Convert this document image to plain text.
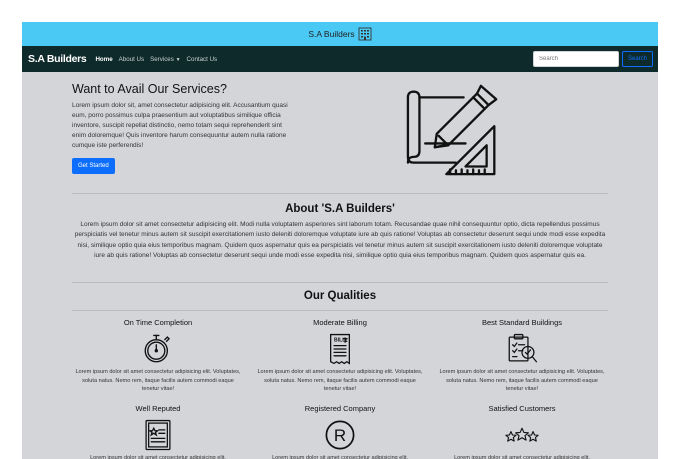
S.A Builders
S.A Builders Home About Us Services ▼ Contact Us
Search	Search
Want to Avail Our Services?

Lorem ipsum dolor sit, amet consectetur adipisicing elit. Accusantium quasi eum, porro possimus culpa praesentium aut voluptatibus similique officia inventore, suscipit repellat distinctio, nemo totam sequi reprehenderit sint enim doloremque! Quis inventore harum consequuntur autem nulla ratione cumque iste perferendis!

Get Started
About 'S.A Builders'

Lorem ipsum dolor sit amet consectetur adipisicing elit. Modi nulla voluptatem asperiores sint laborum totam. Recusandae quae nihil consequuntur optio, dicta repellendus possimus perspiciatis vel tenetur minus autem sit suscipit exercitationem iusto deleniti doloremque voluptate iure ab quis ratione! Voluptas ab consectetur deserunt sequi unde modi esse expedita nisi, similique optio quia eius temporibus magnam. Quidem quos aspernatur quis ea perspiciatis vel tenetur minus autem sit suscipit exercitationem iusto deleniti doloremque voluptate iure ab quis ratione! Voluptas ab consectetur deserunt sequi unde modi esse expedita nisi, similique optio quia eius temporibus magnam. Quidem quos aspernatur quis ea.

Our Qualities
On Time Completion
Lorem ipsum dolor sit amet consectetur adipisicing elit. Voluptates, soluta natus. Nemo rem, itaque facilis autem commodi eaque tenetur vitae!
Moderate Billing
BILL
Lorem ipsum dolor sit amet consectetur adipisicing elit. Voluptates, soluta natus. Nemo rem, itaque facilis autem commodi eaque tenetur vitae!
Best Standard Buildings
Lorem ipsum dolor sit amet consectetur adipisicing elit. Voluptates, soluta natus. Nemo rem, itaque facilis autem commodi eaque tenetur vitae!
Well Reputed
Lorem ipsum dolor sit amet consectetur adipisicing elit.
Registered Company
R
Lorem ipsum dolor sit amet consectetur adipisicing elit.
Satisfied Customers
Lorem ipsum dolor sit amet consectetur adipisicing elit.
